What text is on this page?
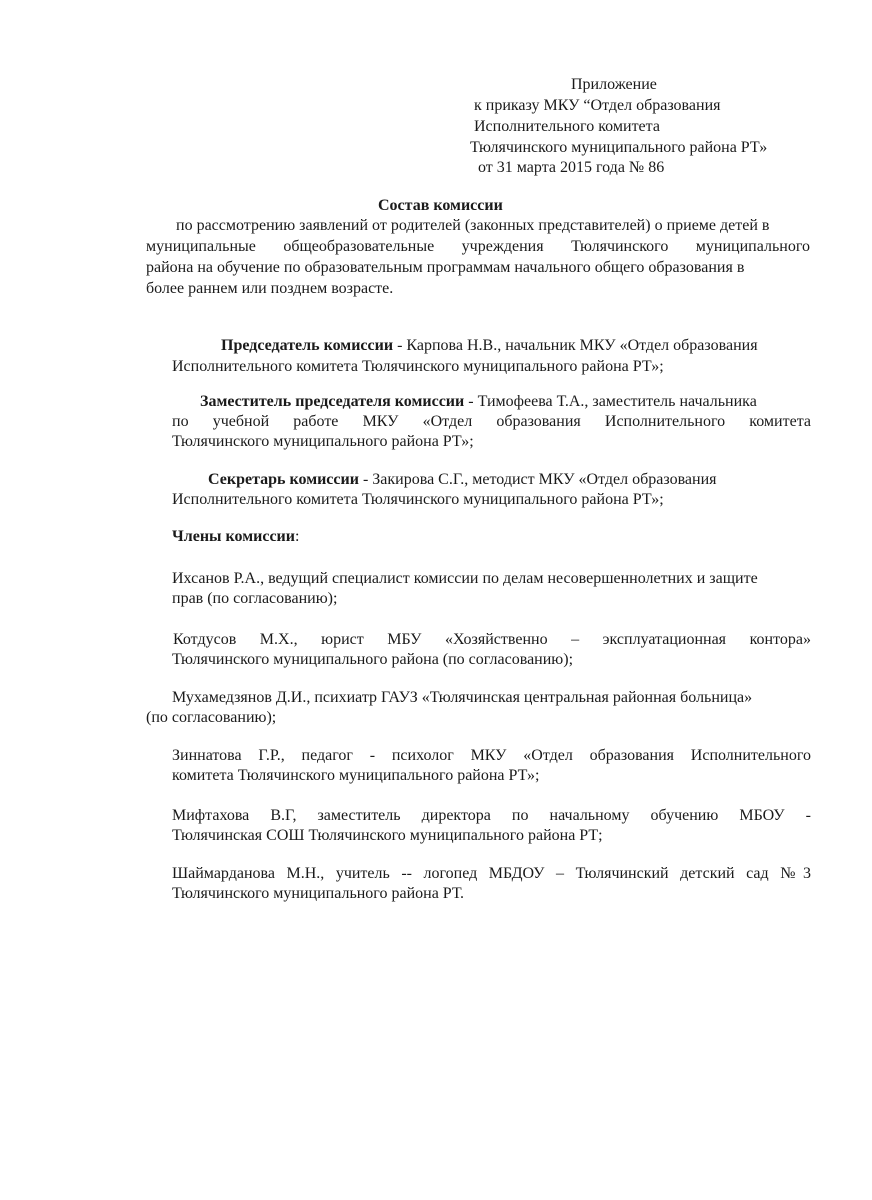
Приложение
к приказу МКУ “Отдел образования
Исполнительного комитета
Тюлячинского муниципального района РТ»
от 31 марта 2015 года № 86
Состав комиссии
по рассмотрению заявлений от родителей (законных представителей) о приеме детей в
муниципальные общеобразовательные учреждения Тюлячинского муниципального
района на обучение по образовательным программам начального общего образования в
более раннем или позднем возрасте.
Председатель комиссии - Карпова Н.В., начальник МКУ «Отдел образования
Исполнительного комитета Тюлячинского муниципального района РТ»;
Заместитель председателя комиссии - Тимофеева Т.А., заместитель начальника
по учебной работе МКУ «Отдел образования Исполнительного комитета
Тюлячинского муниципального района РТ»;
Секретарь комиссии - Закирова С.Г., методист МКУ «Отдел образования
Исполнительного комитета Тюлячинского муниципального района РТ»;
Члены комиссии:
Ихсанов Р.А., ведущий специалист комиссии по делам несовершеннолетних и защите
прав (по согласованию);
Котдусов М.Х., юрист МБУ «Хозяйственно – эксплуатационная контора»
Тюлячинского муниципального района (по согласованию);
Мухамедзянов Д.И., психиатр ГАУЗ «Тюлячинская центральная районная больница»
(по согласованию);
Зиннатова Г.Р., педагог - психолог МКУ «Отдел образования Исполнительного
комитета Тюлячинского муниципального района РТ»;
Мифтахова В.Г, заместитель директора по начальному обучению МБОУ -
Тюлячинская СОШ Тюлячинского муниципального района РТ;
Шаймарданова М.Н., учитель -- логопед МБДОУ – Тюлячинский детский сад №3
Тюлячинского муниципального района РТ.
